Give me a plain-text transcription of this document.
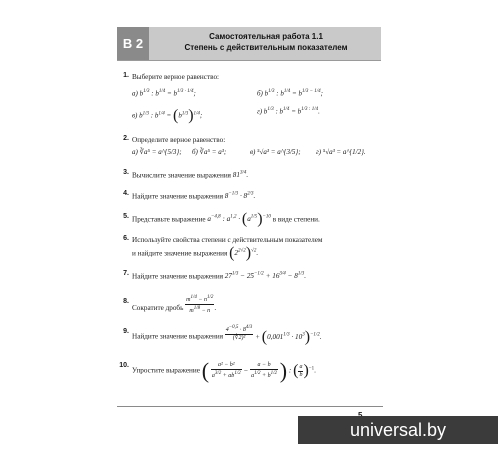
В 2	Самостоятельная работа 1.1
Степень с действительным показателем
1. Выберите верное равенство:
а) $b^{1/3}$ : $b^{1/4} = b^{1/3 \cdot 1/4}$;	б) $b^{1/3}$ : $b^{1/4} = b^{1/3 - 1/4}$;
в) $b^{1/3}$ : $b^{1/4} = (b^{1/3})^{1/4}$;
г) $b^{1/3}$ : $b^{1/4} = b^{1/3 : 1/4}$.
2. Определите верное равенство:
а) ∛a⁵ = a^{5/3}; б) ∛a⁵ = a³;	в) ⁵√a³ = a^{3/5}; г) ⁵√a³ = a^{1/2}.
3. Вычислите значение выражения $81^{3/4}$.
4. Найдите значение выражения $8^{-1/3} \cdot 8^{2/3}$.
5. Представьте выражение $a^{-4,8}$ : $a^{1,2} \cdot (a^{1/5})^{-10}$ в виде степени.
6. Используйте свойства степени с действительным показателем
и найдите значение выражения $(2^{2√2})^{√2}$.
7. Найдите значение выражения $27^{1/3} - 25^{-1/2} + 16^{3/4} - 8^{1/3}$.
8.
Сократите дробь $\frac{m^{1/4} - n^{1/2}}{m^{1/8} - n}$ .
9.
Найдите значение выражения $\frac{4^{-0,5} \cdot 8^{4/3}}{\text{(∜2)²}} + (0,001^{1/3} \cdot 10^3)^{-1/2}$.
10.
Упростите выражение ( $\frac{\text{a² − b²}}{a^{3/2} + ab^{1/2}} - \frac{a - b}{a^{1/2} + b^{1/2}}$ ) : ( $\frac{a}{b} )^{-1}$.
universal.by
